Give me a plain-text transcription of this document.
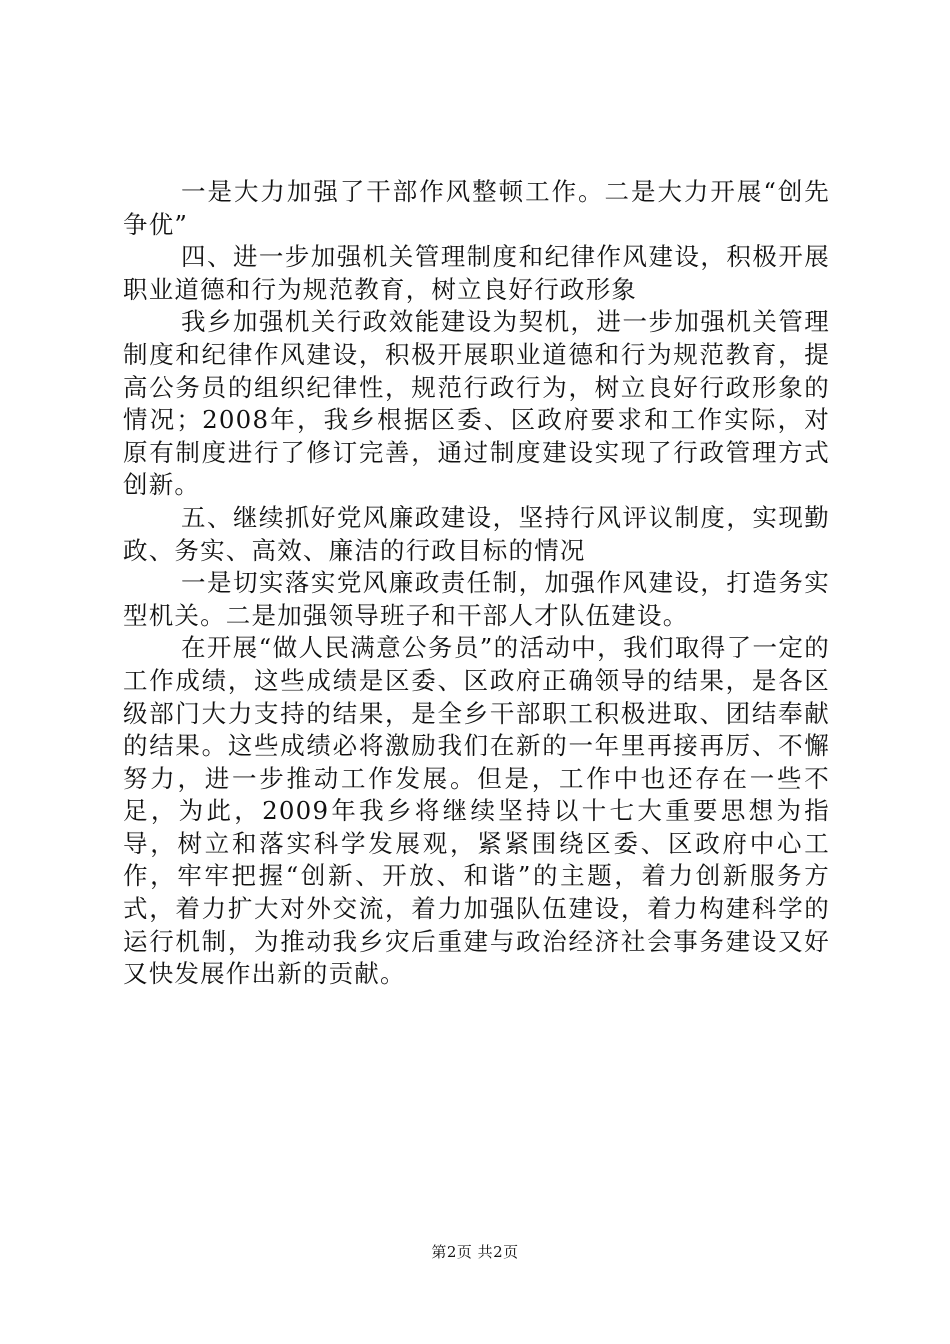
一是大力加强了干部作风整顿工作。二是大力开展“创先争优”

四、进一步加强机关管理制度和纪律作风建设，积极开展职业道德和行为规范教育，树立良好行政形象

我乡加强机关行政效能建设为契机，进一步加强机关管理制度和纪律作风建设，积极开展职业道德和行为规范教育，提高公务员的组织纪律性，规范行政行为，树立良好行政形象的情况；2008年，我乡根据区委、区政府要求和工作实际，对原有制度进行了修订完善，通过制度建设实现了行政管理方式创新。

五、继续抓好党风廉政建设，坚持行风评议制度，实现勤政、务实、高效、廉洁的行政目标的情况

一是切实落实党风廉政责任制，加强作风建设，打造务实型机关。二是加强领导班子和干部人才队伍建设。

在开展“做人民满意公务员”的活动中，我们取得了一定的工作成绩，这些成绩是区委、区政府正确领导的结果，是各区级部门大力支持的结果，是全乡干部职工积极进取、团结奉献的结果。这些成绩必将激励我们在新的一年里再接再厉、不懈努力，进一步推动工作发展。但是，工作中也还存在一些不足，为此，2009年我乡将继续坚持以十七大重要思想为指导，树立和落实科学发展观，紧紧围绕区委、区政府中心工作，牢牢把握“创新、开放、和谐”的主题，着力创新服务方式，着力扩大对外交流，着力加强队伍建设，着力构建科学的运行机制，为推动我乡灾后重建与政治经济社会事务建设又好又快发展作出新的贡献。

第2页 共2页
